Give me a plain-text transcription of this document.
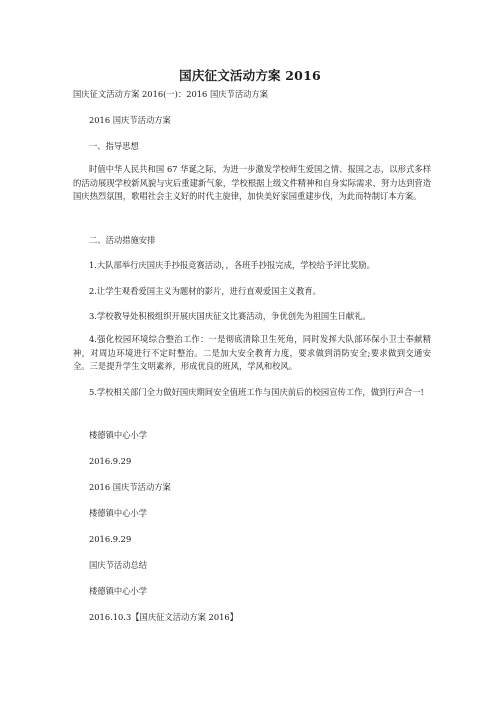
国庆征文活动方案 2016
国庆征文活动方案 2016(一)：2016 国庆节活动方案
2016 国庆节活动方案
一、指导思想
时值中华人民共和国 67 华诞之际，为进一步激发学校师生爱国之情、报国之志，以形式多样的活动展现学校新风貌与灾后重建新气象，学校根据上级文件精神和自身实际需求，努力达到营造国庆热烈氛围，歌唱社会主义好的时代主旋律，加快美好家园重建步伐，为此而特制订本方案。
二、活动措施安排
1.大队部举行庆国庆手抄报竞赛活动，，各班手抄报完成，学校给予评比奖励。
2.让学生观看爱国主义为题材的影片，进行直观爱国主义教育。
3.学校教导处积极组织开展庆国庆征文比赛活动，争优创先为祖国生日献礼。
4.强化校园环境综合整治工作：一是彻底清除卫生死角，同时发挥大队部环保小卫士奉献精神，对周边环境进行不定时整治。二是加大安全教育力度，要求做到消防安全;要求做到交通安全。三是提升学生文明素养，形成优良的班风，学风和校风。
5.学校相关部门全力做好国庆期间安全值班工作与国庆前后的校园宣传工作，做到行声合一!
楼德镇中心小学
2016.9.29
2016 国庆节活动方案
楼德镇中心小学
2016.9.29
国庆节活动总结
楼德镇中心小学
2016.10.3【国庆征文活动方案 2016】
